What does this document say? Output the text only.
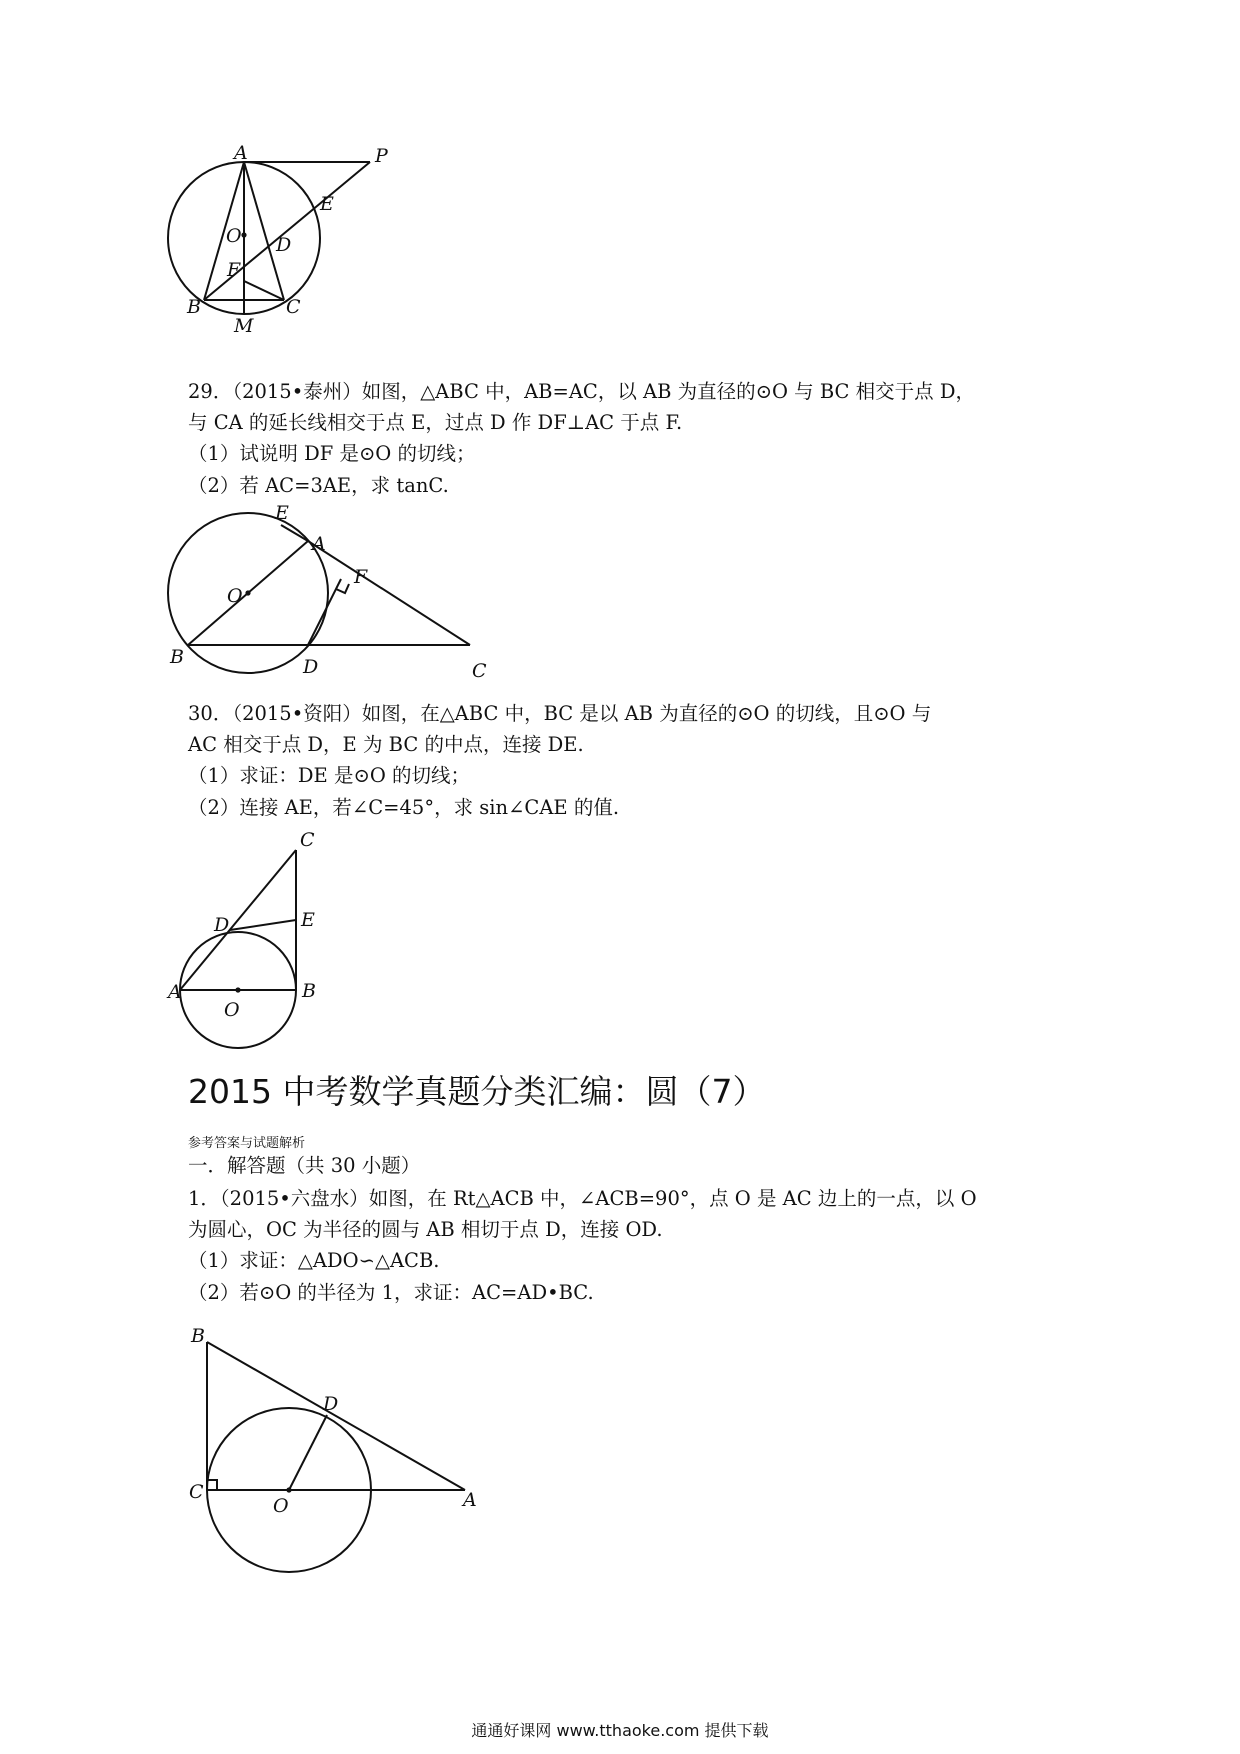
A	P
E
O D
F
B	C
M
29．（2015•泰州）如图，△ABC 中，AB=AC，以 AB 为直径的⊙O 与 BC 相交于点 D，
与 CA 的延长线相交于点 E，过点 D 作 DF⊥AC 于点 F.
（1）试说明 DF 是⊙O 的切线；
（2）若 AC=3AE，求 tanC.
E
A
F
O
B	D	C
30．（2015•资阳）如图，在△ABC 中，BC 是以 AB 为直径的⊙O 的切线，且⊙O 与
AC 相交于点 D，E 为 BC 的中点，连接 DE.
（1）求证：DE 是⊙O 的切线；
（2）连接 AE，若∠C=45°，求 sin∠CAE 的值.
C
D	E
A	B
O
2015 中考数学真题分类汇编：圆（7）
参考答案与试题解析
一．解答题（共 30 小题）
1．（2015•六盘水）如图，在 Rt△ACB 中，∠ACB=90°，点 O 是 AC 边上的一点，以 O
为圆心，OC 为半径的圆与 AB 相切于点 D，连接 OD.
（1）求证：△ADO∽△ACB.
（2）若⊙O 的半径为 1，求证：AC=AD•BC.
B
D
C
O	A
通通好课网 www.tthaoke.com 提供下载
